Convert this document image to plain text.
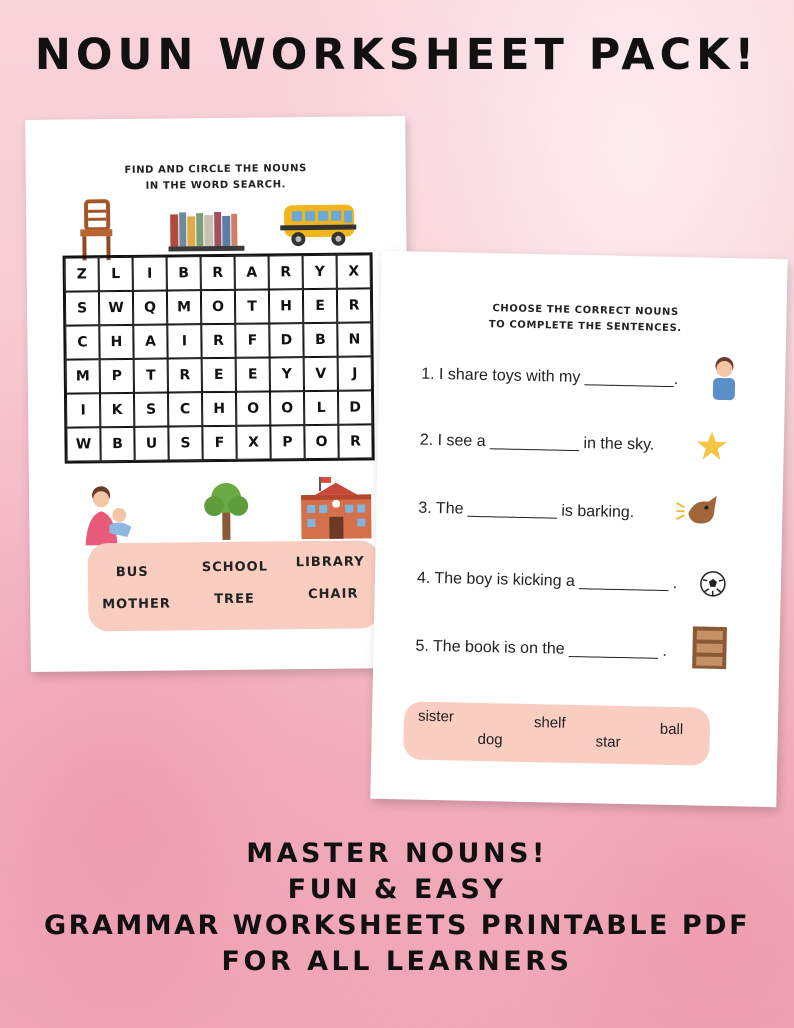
NOUN WORKSHEET PACK!
FIND AND CIRCLE THE NOUNS
IN THE WORD SEARCH.
Z	L	I	B	R	A	R	Y	X
S	W	Q	M	O	T	H	E	R
C	H	A	I	R	F	D	B	N
M	P	T	R	E	E	Y	V	J
I	K	S	C	H	O	O	L	D
W	B	U	S	F	X	P	O	R
BUS	SCHOOL LIBRARY
MOTHER	TREE	CHAIR
CHOOSE THE CORRECT NOUNS
TO COMPLETE THE SENTENCES.
1. I share toys with my __________.
2. I see a __________ in the sky.
3. The __________ is barking.
4. The boy is kicking a __________ .
5. The book is on the __________ .
sister
dog
shelf
star
ball
MASTER NOUNS!
FUN & EASY
GRAMMAR WORKSHEETS PRINTABLE PDF
FOR ALL LEARNERS
